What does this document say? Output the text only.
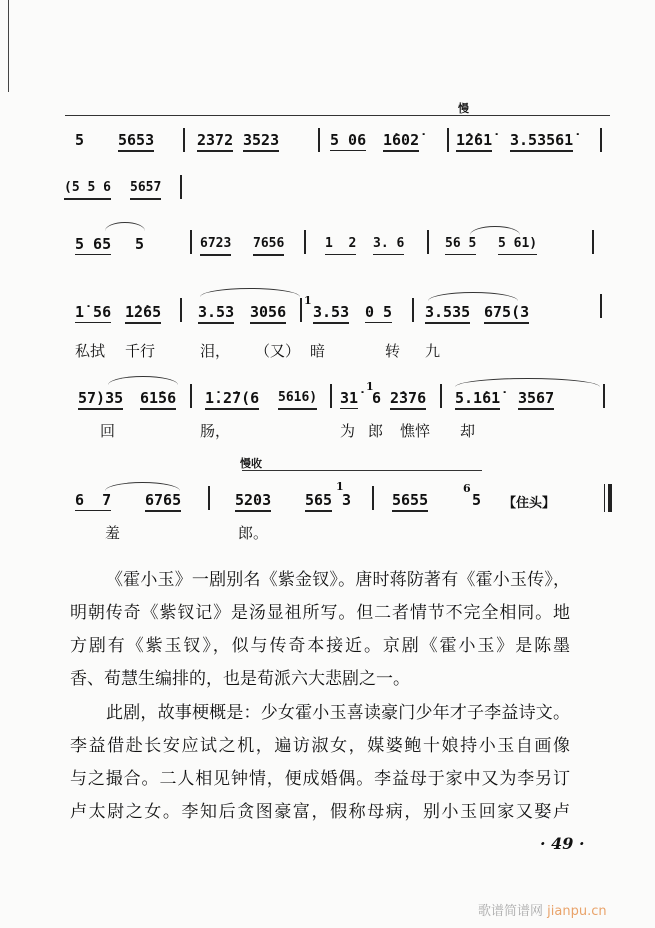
慢
5 5653	2372 3523	5 06 1̇602̇ 1̇2̇61̇ 3.53561̇
(5 5 6 5657
5 65 5	6723 7656	1  2 3. 6	56 5 5 61)
1̇ 56 1̇2̇65 3.53 3056
1
3.53 0 5 3.535 675(3
私拭 千行	泪， （又） 暗	转 九
57)35 61̇56 1̇.2̇7(6 5616) 31̇
1
6 2̇376 5.1̇61̇ 3567
回	肠，	为 郎 憔悴 却
慢收
6  7 6765	5203 565
1
3	5655
6
5 【住头】
羞	郎。
《霍小玉》一剧别名《紫金钗》。唐时蒋防著有《霍小玉传》，
明朝传奇《紫钗记》是汤显祖所写。但二者情节不完全相同。地
方剧有《紫玉钗》，似与传奇本接近。京剧《霍小玉》是陈墨
香、荀慧生编排的，也是荀派六大悲剧之一。
此剧，故事梗概是：少女霍小玉喜读豪门少年才子李益诗文。
李益借赴长安应试之机，遍访淑女，媒婆鲍十娘持小玉自画像
与之撮合。二人相见钟情，便成婚偶。李益母于家中又为李另订
卢太尉之女。李知后贪图豪富，假称母病，别小玉回家又娶卢
· 49 ·
歌谱简谱网 jianpu.cn
